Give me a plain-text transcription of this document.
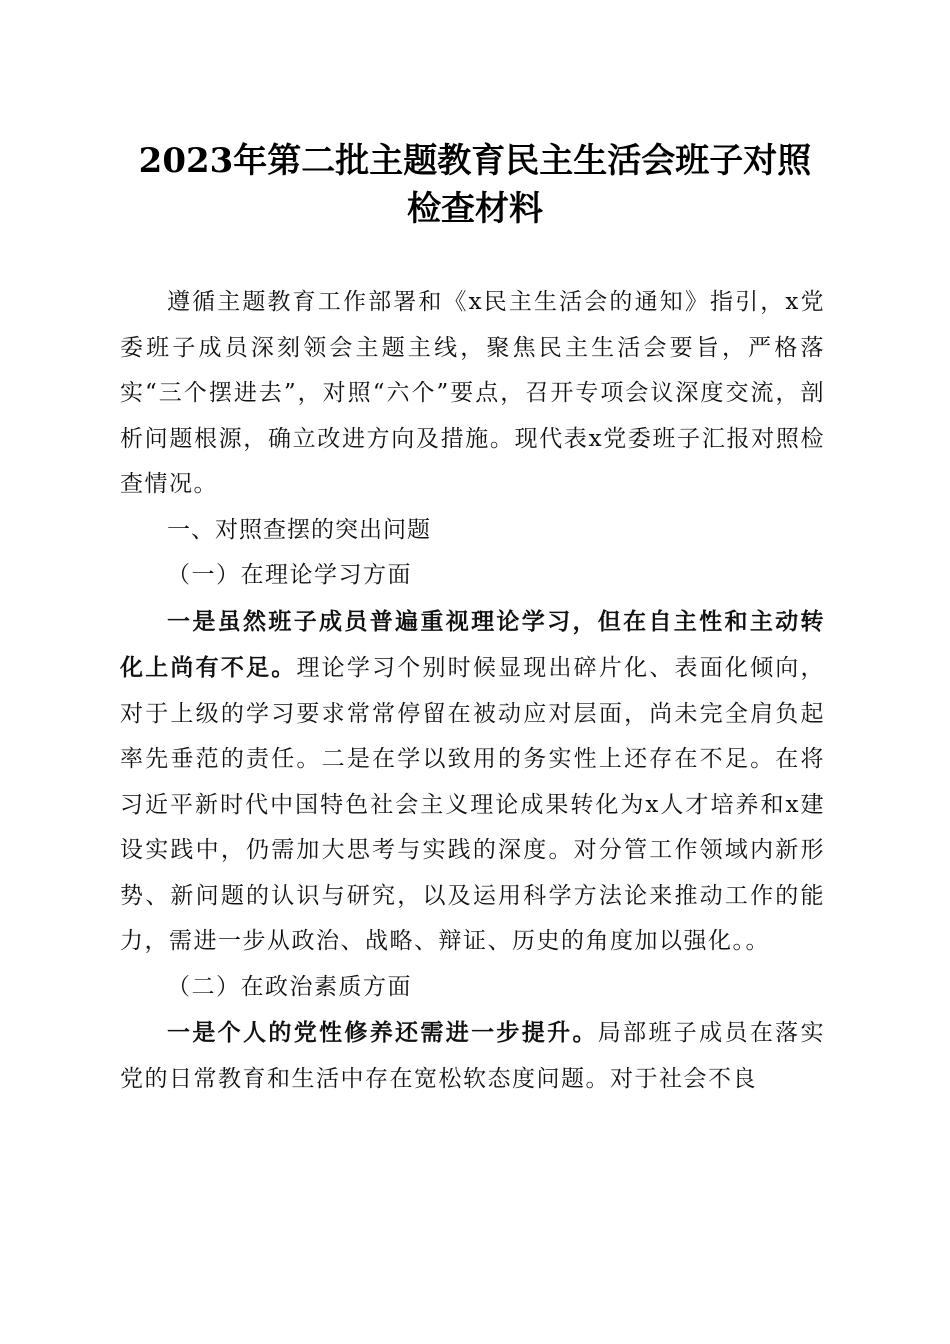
2023年第二批主题教育民主生活会班子对照
检查材料

遵循主题教育工作部署和《x民主生活会的通知》指引，x党委班子成员深刻领会主题主线，聚焦民主生活会要旨，严格落实“三个摆进去”，对照“六个”要点，召开专项会议深度交流，剖析问题根源，确立改进方向及措施。现代表x党委班子汇报对照检查情况。

一、对照查摆的突出问题

（一）在理论学习方面

一是虽然班子成员普遍重视理论学习，但在自主性和主动转化上尚有不足。理论学习个别时候显现出碎片化、表面化倾向，对于上级的学习要求常常停留在被动应对层面，尚未完全肩负起率先垂范的责任。二是在学以致用的务实性上还存在不足。在将习近平新时代中国特色社会主义理论成果转化为x人才培养和x建设实践中，仍需加大思考与实践的深度。对分管工作领域内新形势、新问题的认识与研究，以及运用科学方法论来推动工作的能力，需进一步从政治、战略、辩证、历史的角度加以强化。。

（二）在政治素质方面

一是个人的党性修养还需进一步提升。局部班子成员在落实党的日常教育和生活中存在宽松软态度问题。对于社会不良
